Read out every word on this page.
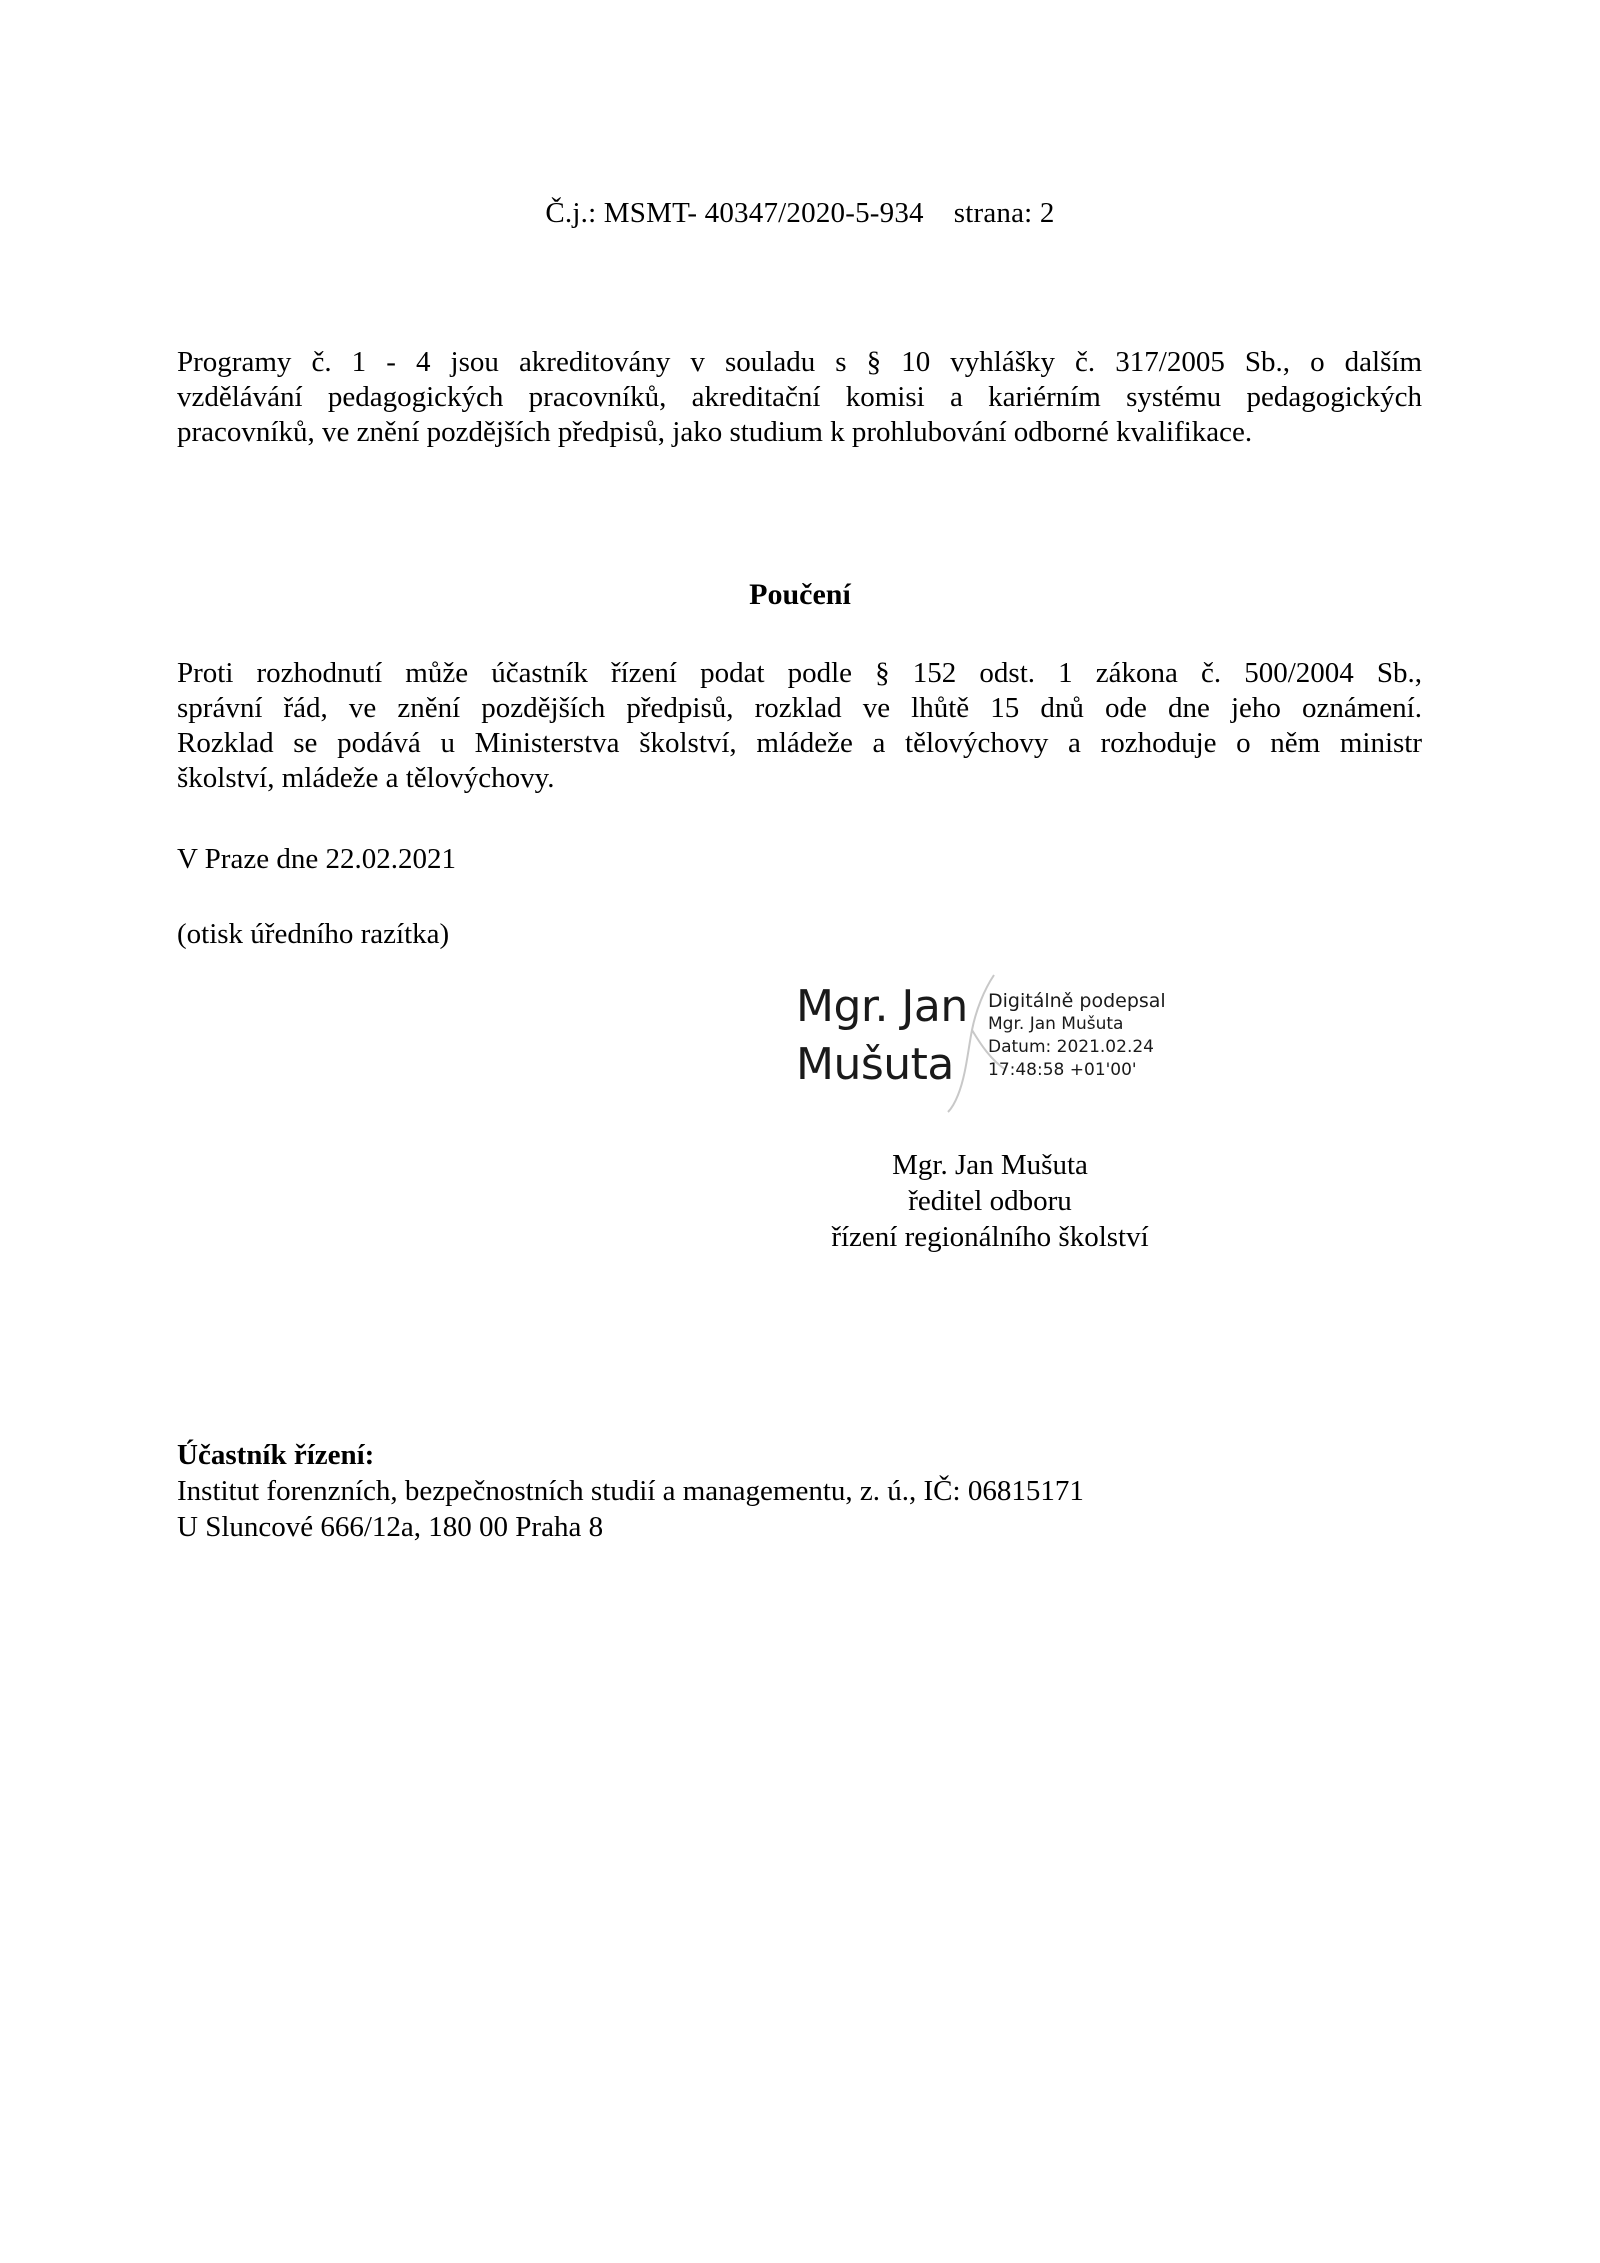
Č.j.: MSMT- 40347/2020-5-934 strana: 2
Programy č. 1 - 4 jsou akreditovány v souladu s § 10 vyhlášky č. 317/2005 Sb., o dalším
vzdělávání pedagogických pracovníků, akreditační komisi a kariérním systému pedagogických
pracovníků, ve znění pozdějších předpisů, jako studium k prohlubování odborné kvalifikace.
Poučení
Proti rozhodnutí může účastník řízení podat podle § 152 odst. 1 zákona č. 500/2004 Sb.,
správní řád, ve znění pozdějších předpisů, rozklad ve lhůtě 15 dnů ode dne jeho oznámení.
Rozklad se podává u Ministerstva školství, mládeže a tělovýchovy a rozhoduje o něm ministr
školství, mládeže a tělovýchovy.
V Praze dne 22.02.2021
(otisk úředního razítka)
Mgr. Jan
Mušuta
Digitálně podepsal
Mgr. Jan Mušuta
Datum: 2021.02.24
17:48:58 +01'00'
Mgr. Jan Mušuta
ředitel odboru
řízení regionálního školství
Účastník řízení:
Institut forenzních, bezpečnostních studií a managementu, z. ú., IČ: 06815171
U Sluncové 666/12a, 180 00 Praha 8
